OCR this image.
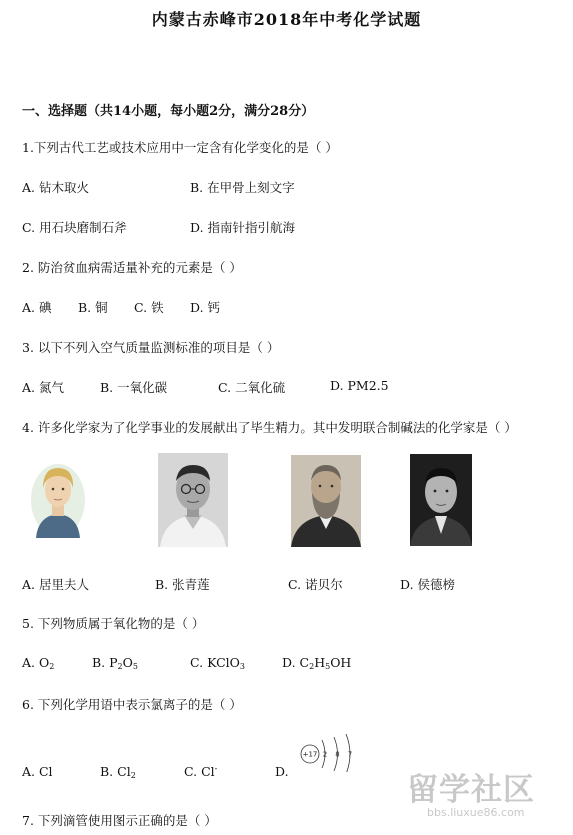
内蒙古赤峰市2018年中考化学试题
一、选择题（共14小题，每小题2分，满分28分）
1.下列古代工艺或技术应用中一定含有化学变化的是（ ）
A. 钻木取火	B. 在甲骨上刻文字
C. 用石块磨制石斧	D. 指南针指引航海
2. 防治贫血病需适量补充的元素是（ ）
A. 碘 B. 铜 C. 铁 D. 钙
3. 以下不列入空气质量监测标准的项目是（ ）
A. 氮气	B. 一氧化碳	C. 二氧化硫	D. PM2.5
4. 许多化学家为了化学事业的发展献出了毕生精力。其中发明联合制碱法的化学家是（ ）
A. 居里夫人	B. 张青莲	C. 诺贝尔	D. 侯德榜
5. 下列物质属于氧化物的是（ ）
A. $O_2$	B. $P_2O_5$	C. KClO$_3$	D. $C_2H_5OH$
6. 下列化学用语中表示氯离子的是（ ）
A. Cl	B. $Cl_2$	C. Cl-	D.
+17 2 8 7
7. 下列滴管使用图示正确的是（ ）
留学社区
bbs.liuxue86.com
